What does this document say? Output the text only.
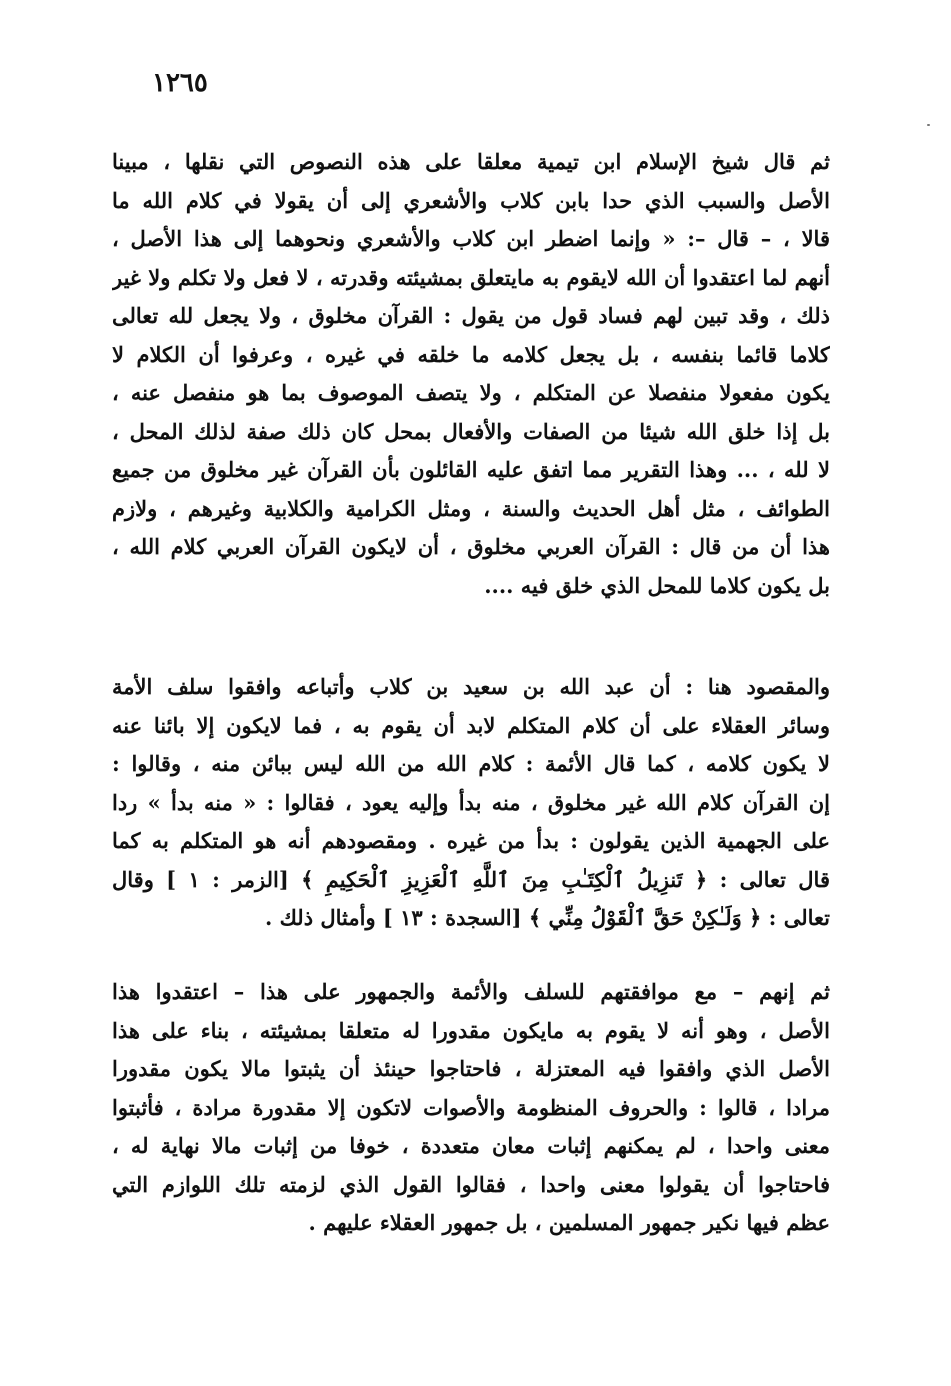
١٢٦٥
ثم قال شيخ الإسلام ابن تيمية معلقا على هذه النصوص التي نقلها ، مبينا
الأصل والسبب الذي حدا بابن كلاب والأشعري إلى أن يقولا في كلام الله ما
قالا ، – قال –: « وإنما اضطر ابن كلاب والأشعري ونحوهما إلى هذا الأصل ،
أنهم لما اعتقدوا أن الله لايقوم به مايتعلق بمشيئته وقدرته ، لا فعل ولا تكلم ولا غير
ذلك ، وقد تبين لهم فساد قول من يقول : القرآن مخلوق ، ولا يجعل لله تعالى
كلاما قائما بنفسه ، بل يجعل كلامه ما خلقه في غيره ، وعرفوا أن الكلام لا
يكون مفعولا منفصلا عن المتكلم ، ولا يتصف الموصوف بما هو منفصل عنه ،
بل إذا خلق الله شيئا من الصفات والأفعال بمحل كان ذلك صفة لذلك المحل ،
لا لله ، ... وهذا التقرير مما اتفق عليه القائلون بأن القرآن غير مخلوق من جميع
الطوائف ، مثل أهل الحديث والسنة ، ومثل الكرامية والكلابية وغيرهم ، ولازم
هذا أن من قال : القرآن العربي مخلوق ، أن لايكون القرآن العربي كلام الله ،
بل يكون كلاما للمحل الذي خلق فيه ....
والمقصود هنا : أن عبد الله بن سعيد بن كلاب وأتباعه وافقوا سلف الأمة
وسائر العقلاء على أن كلام المتكلم لابد أن يقوم به ، فما لايكون إلا بائنا عنه
لا يكون كلامه ، كما قال الأئمة : كلام الله من الله ليس ببائن منه ، وقالوا :
إن القرآن كلام الله غير مخلوق ، منه بدأ وإليه يعود ، فقالوا : « منه بدأ » ردا
على الجهمية الذين يقولون : بدأ من غيره . ومقصودهم أنه هو المتكلم به كما
قال تعالى : ﴿ تَنزِيلُ ٱلْكِتَـٰبِ مِنَ ٱللَّهِ ٱلْعَزِيزِ ٱلْحَكِيمِ ﴾ [الزمر : ١ ] وقال
تعالى : ﴿ وَلَـٰكِنْ حَقَّ ٱلْقَوْلُ مِنِّي ﴾ [السجدة : ١٣ ] وأمثال ذلك .
ثم إنهم – مع موافقتهم للسلف والأئمة والجمهور على هذا – اعتقدوا هذا
الأصل ، وهو أنه لا يقوم به مايكون مقدورا له متعلقا بمشيئته ، بناء على هذا
الأصل الذي وافقوا فيه المعتزلة ، فاحتاجوا حينئذ أن يثبتوا مالا يكون مقدورا
مرادا ، قالوا : والحروف المنظومة والأصوات لاتكون إلا مقدورة مرادة ، فأثبتوا
معنى واحدا ، لم يمكنهم إثبات معان متعددة ، خوفا من إثبات مالا نهاية له ،
فاحتاجوا أن يقولوا معنى واحدا ، فقالوا القول الذي لزمته تلك اللوازم التي
عظم فيها نكير جمهور المسلمين ، بل جمهور العقلاء عليهم .
